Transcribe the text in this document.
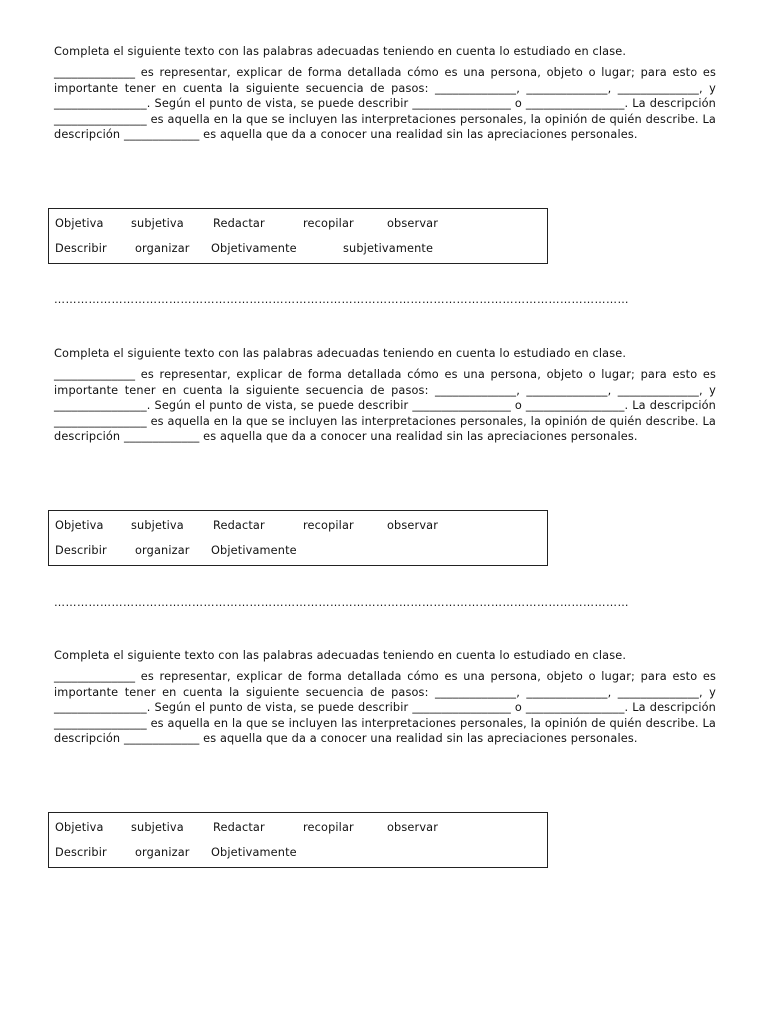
Completa el siguiente texto con las palabras adecuadas teniendo en cuenta lo estudiado en clase.

______________ es representar, explicar de forma detallada cómo es una persona, objeto o lugar; para esto es importante tener en cuenta la siguiente secuencia de pasos: ______________, ______________, ______________, y ________________. Según el punto de vista, se puede describir _________________ o _________________. La descripción ________________ es aquella en la que se incluyen las interpretaciones personales, la opinión de quién describe. La descripción _____________ es aquella que da a conocer una realidad sin las apreciaciones personales.

Objetiva subjetiva	Redactar	recopilar	observar
Describir organizar Objetivamente	subjetivamente
……………………………………………………………………………………………………………………………………

Completa el siguiente texto con las palabras adecuadas teniendo en cuenta lo estudiado en clase.

______________ es representar, explicar de forma detallada cómo es una persona, objeto o lugar; para esto es importante tener en cuenta la siguiente secuencia de pasos: ______________, ______________, ______________, y ________________. Según el punto de vista, se puede describir _________________ o _________________. La descripción ________________ es aquella en la que se incluyen las interpretaciones personales, la opinión de quién describe. La descripción _____________ es aquella que da a conocer una realidad sin las apreciaciones personales.

Objetiva subjetiva	Redactar	recopilar	observar
Describir organizar Objetivamente
……………………………………………………………………………………………………………………………………

Completa el siguiente texto con las palabras adecuadas teniendo en cuenta lo estudiado en clase.

______________ es representar, explicar de forma detallada cómo es una persona, objeto o lugar; para esto es importante tener en cuenta la siguiente secuencia de pasos: ______________, ______________, ______________, y ________________. Según el punto de vista, se puede describir _________________ o _________________. La descripción ________________ es aquella en la que se incluyen las interpretaciones personales, la opinión de quién describe. La descripción _____________ es aquella que da a conocer una realidad sin las apreciaciones personales.

Objetiva subjetiva	Redactar	recopilar	observar
Describir organizar Objetivamente
